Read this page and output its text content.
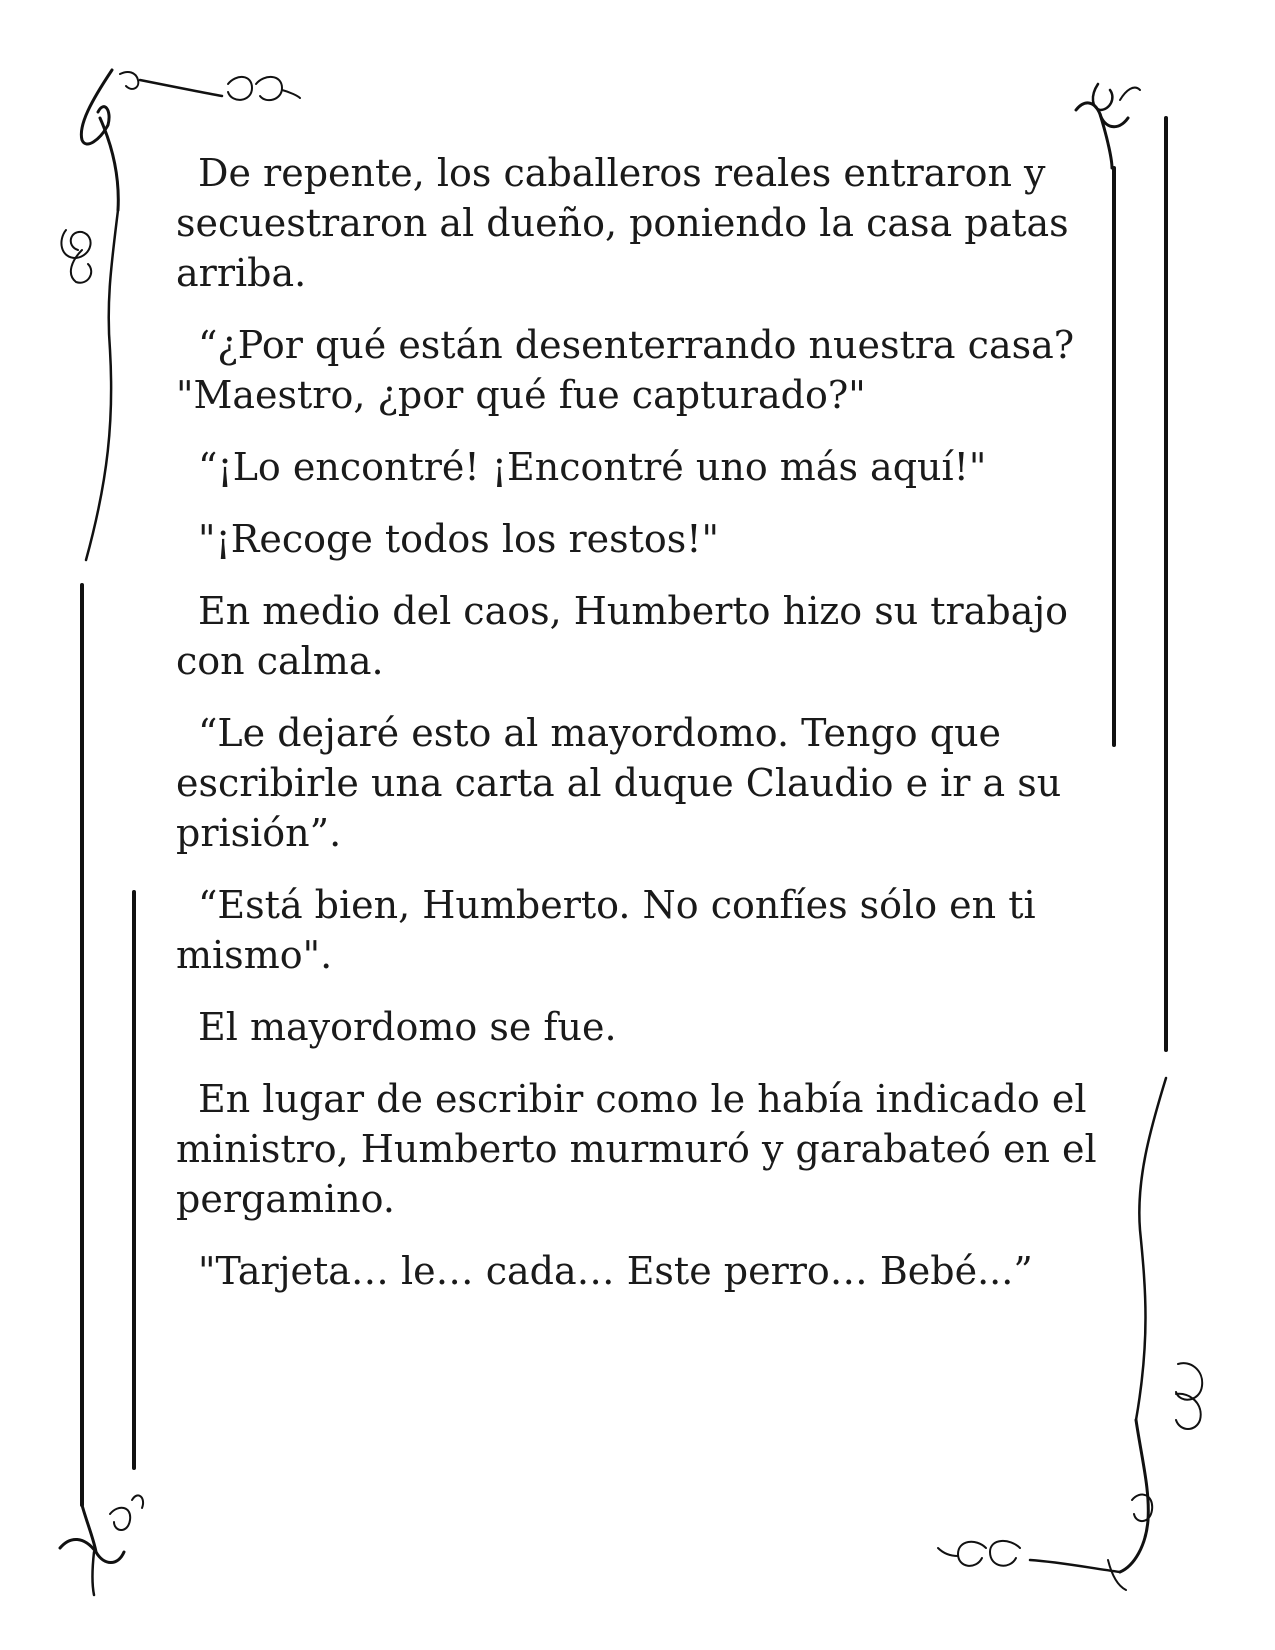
De repente, los caballeros reales entraron y secuestraron al dueño, poniendo la casa patas arriba.

“¿Por qué están desenterrando nuestra casa? "Maestro, ¿por qué fue capturado?"

“¡Lo encontré! ¡Encontré uno más aquí!"

"¡Recoge todos los restos!"

En medio del caos, Humberto hizo su trabajo con calma.

“Le dejaré esto al mayordomo. Tengo que escribirle una carta al duque Claudio e ir a su prisión”.

“Está bien, Humberto. No confíes sólo en ti mismo".

El mayordomo se fue.

En lugar de escribir como le había indicado el ministro, Humberto murmuró y garabateó en el pergamino.

"Tarjeta… le… cada… Este perro… Bebé...”
